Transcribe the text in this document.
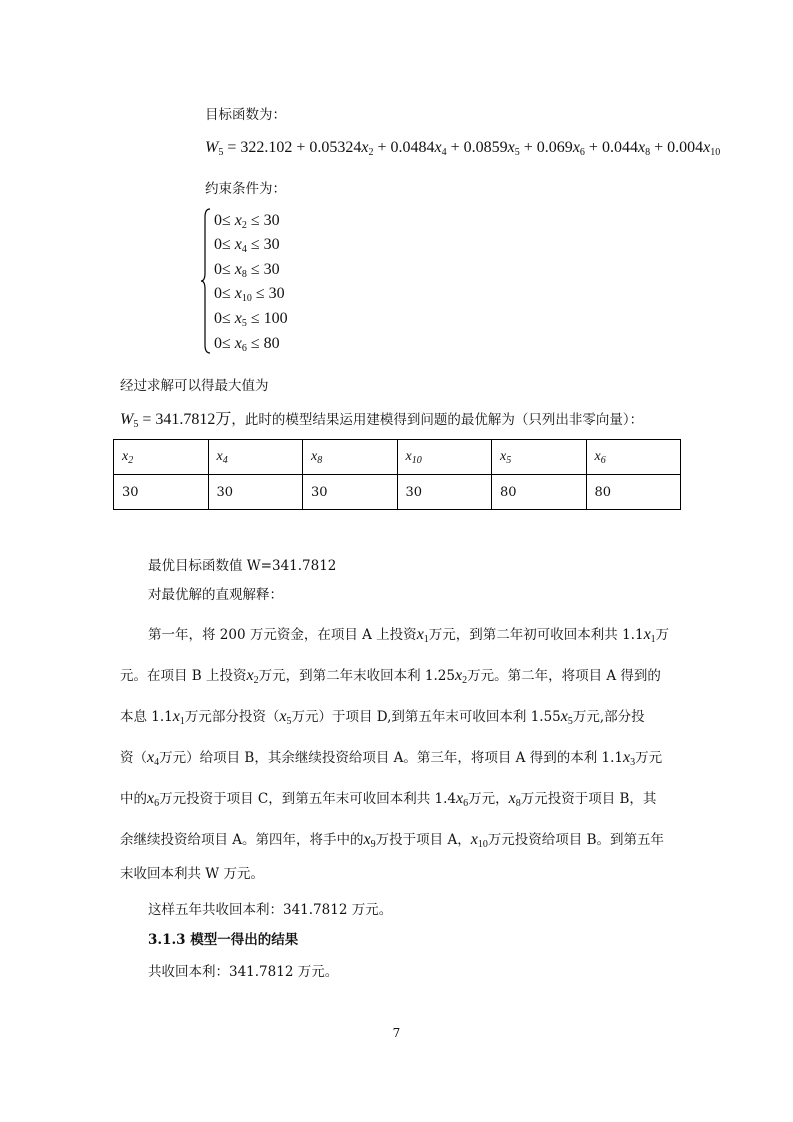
目标函数为：
$W_5 = 322.102 + 0.05324x_2 + 0.0484x_4 + 0.0859x_5 + 0.069x_6 + 0.044x_8 + 0.004x_{10}$
约束条件为：
$0\le x_2 \le 30$
$0\le x_4 \le 30$
$0\le x_8 \le 30$
$0\le x_{10} \le 30$
$0\le x_5 \le 100$
$0\le x_6 \le 80$
经过求解可以得最大值为
$W_5 = 341.7812$万，此时的模型结果运用建模得到问题的最优解为（只列出非零向量）：
$x_2$	$x_4$	$x_8$	$x_{10}$	$x_5$	$x_6$
30	30	30	30	80	80
最优目标函数值 W=341.7812
对最优解的直观解释：
第一年，将 200 万元资金，在项目 A 上投资$x_1$万元，到第二年初可收回本利共 $1.1x_1$万
元。在项目 B 上投资$x_2$万元，到第二年末收回本利 $1.25x_2$万元。第二年，将项目 A 得到的
本息 $1.1x_1$万元部分投资（$x_5$万元）于项目 D,到第五年末可收回本利 $1.55x_5$万元,部分投
资（$x_4$万元）给项目 B，其余继续投资给项目 A。第三年，将项目 A 得到的本利 $1.1x_3$万元
中的$x_6$万元投资于项目 C，到第五年末可收回本利共 $1.4x_6$万元，$x_8$万元投资于项目 B，其
余继续投资给项目 A。第四年，将手中的$x_9$万投于项目 A，$x_{10}$万元投资给项目 B。到第五年
末收回本利共 W 万元。
这样五年共收回本利：341.7812 万元。
3.1.3 模型一得出的结果
共收回本利：341.7812 万元。
7
